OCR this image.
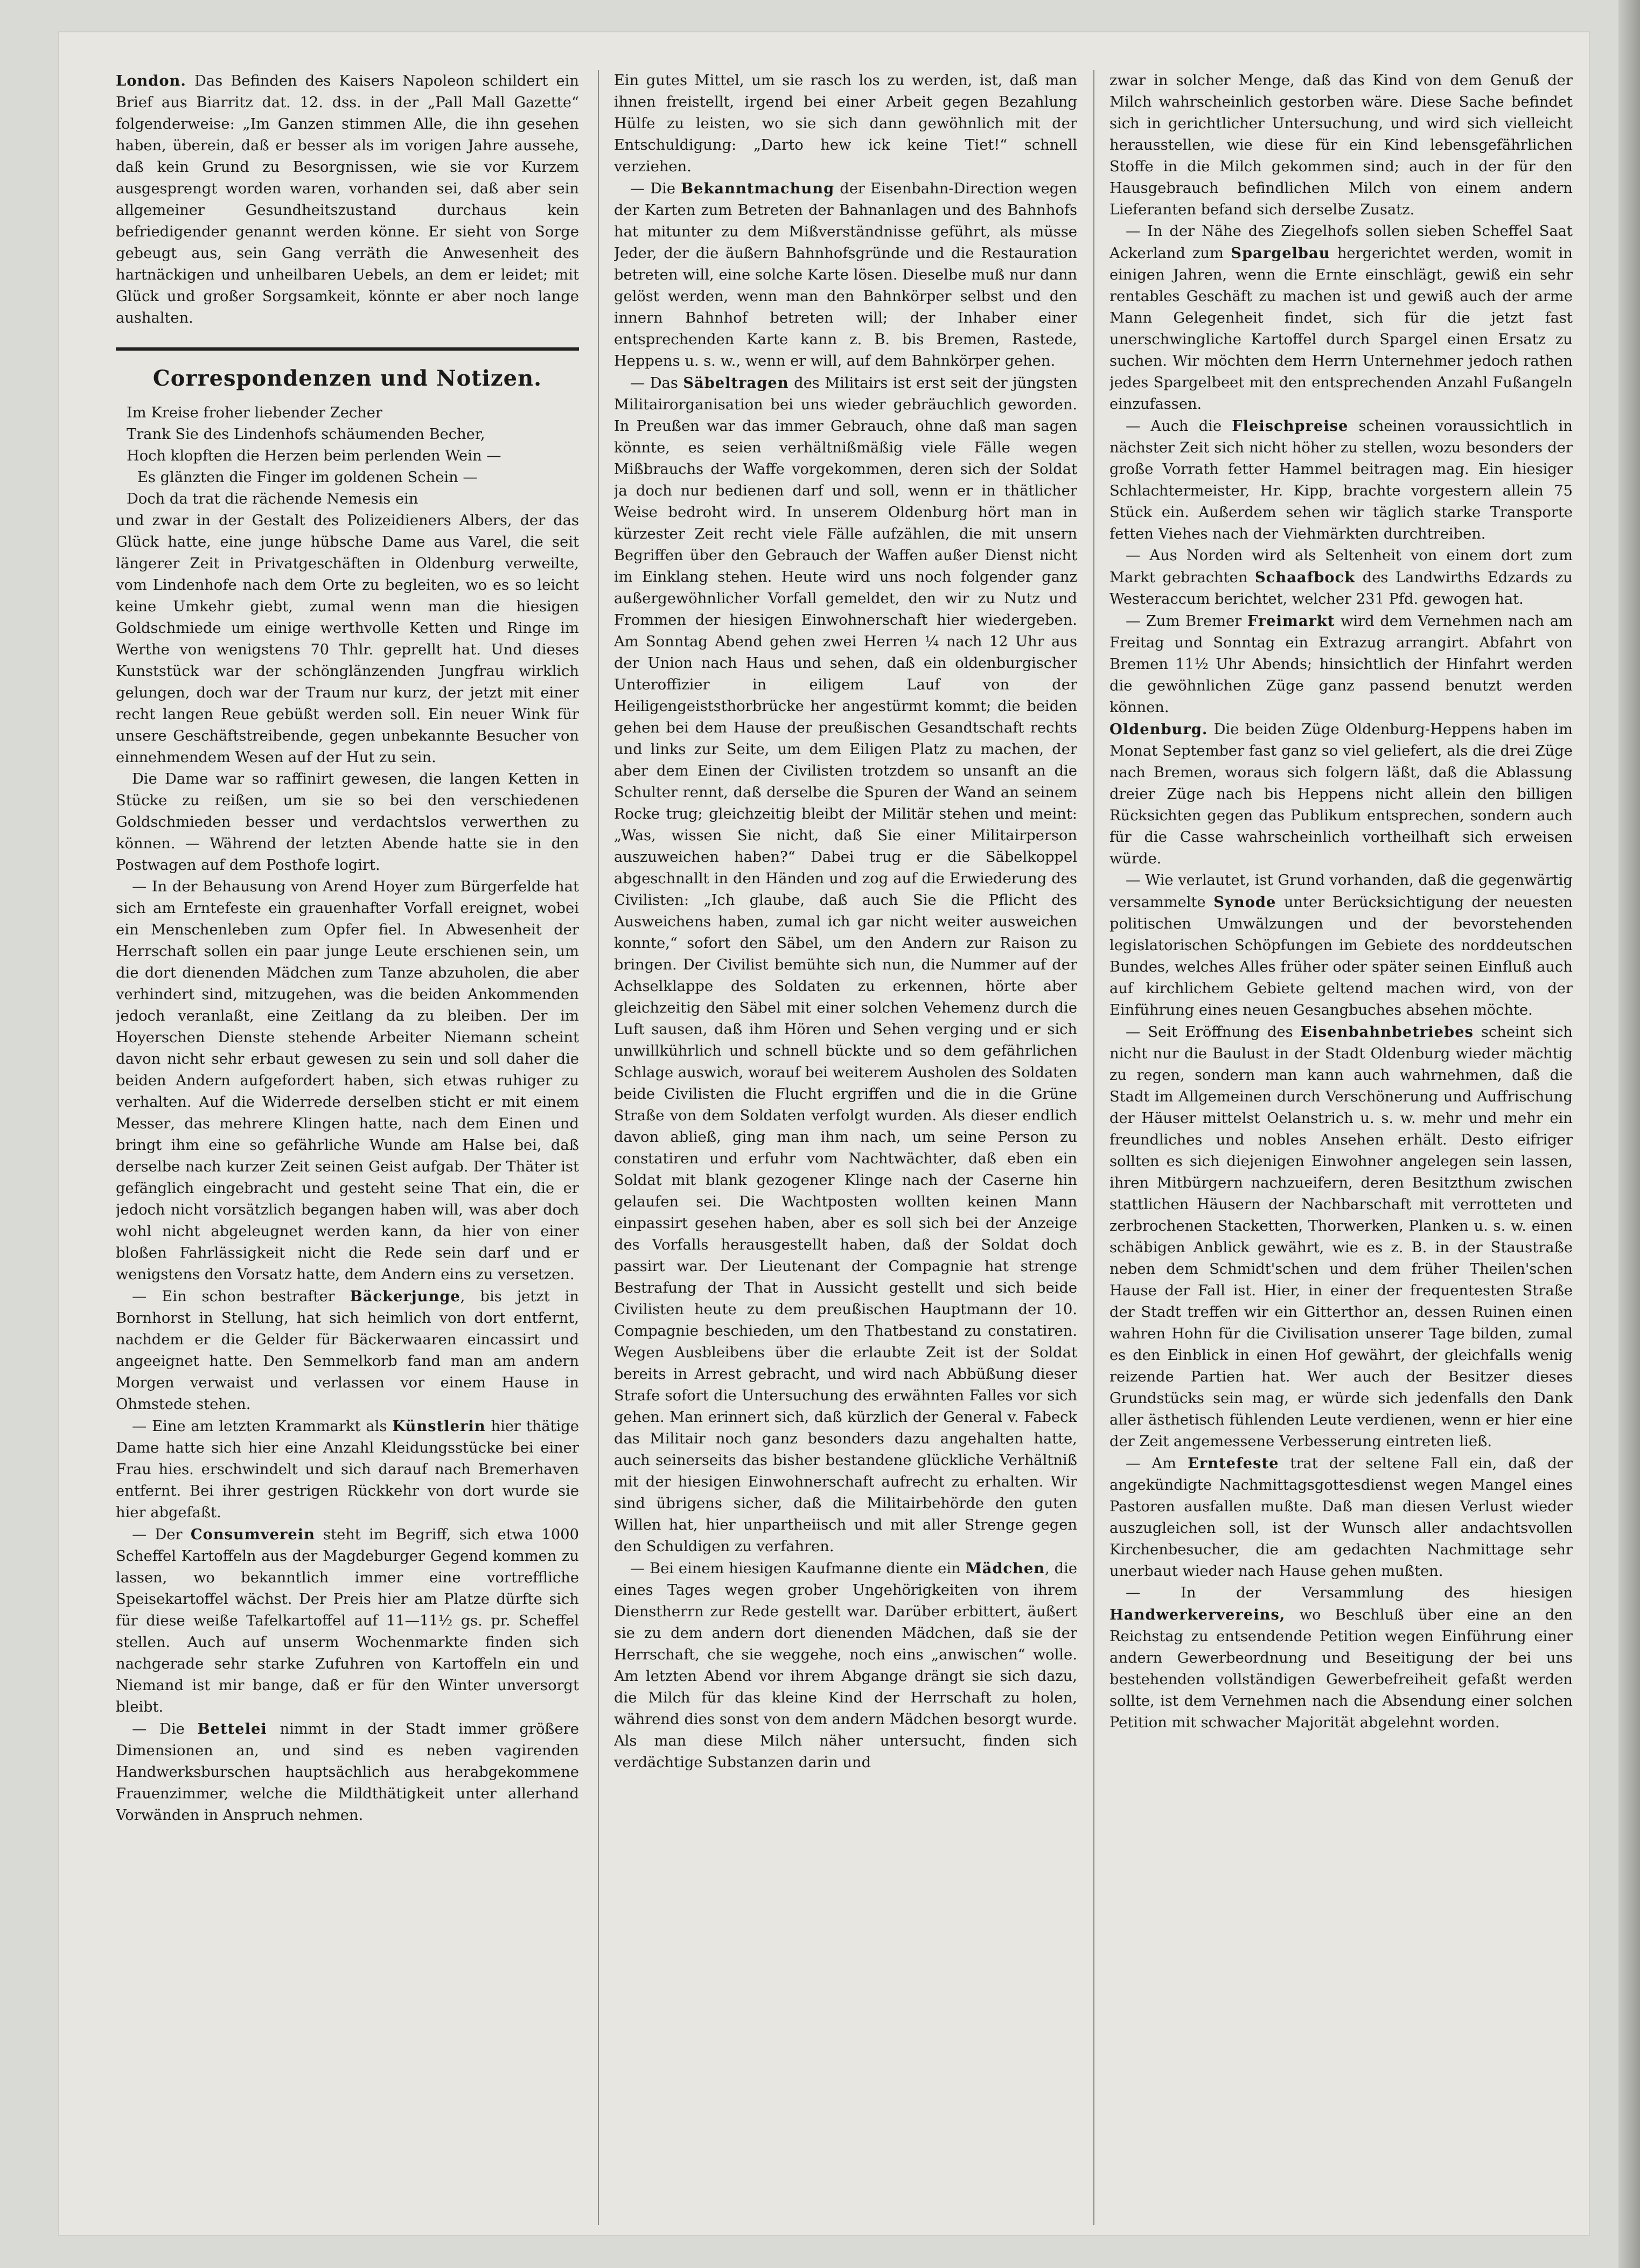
London. Das Befinden des Kaisers Napoleon schildert ein Brief aus Biarritz dat. 12. dss. in der „Pall Mall Gazette“ folgenderweise: „Im Ganzen stimmen Alle, die ihn gesehen haben, überein, daß er besser als im vorigen Jahre aussehe, daß kein Grund zu Besorgnissen, wie sie vor Kurzem ausgesprengt worden waren, vorhanden sei, daß aber sein allgemeiner Gesundheitszustand durchaus kein befriedigender genannt werden könne. Er sieht von Sorge gebeugt aus, sein Gang verräth die Anwesenheit des hartnäckigen und unheilbaren Uebels, an dem er leidet; mit Glück und großer Sorgsamkeit, könnte er aber noch lange aushalten.

Correspondenzen und Notizen.
Im Kreise froher liebender Zecher
Trank Sie des Lindenhofs schäumenden Becher,
Hoch klopften die Herzen beim perlenden Wein —
Es glänzten die Finger im goldenen Schein —
Doch da trat die rächende Nemesis ein

und zwar in der Gestalt des Polizeidieners Albers, der das Glück hatte, eine junge hübsche Dame aus Varel, die seit längerer Zeit in Privatgeschäften in Oldenburg verweilte, vom Lindenhofe nach dem Orte zu begleiten, wo es so leicht keine Umkehr giebt, zumal wenn man die hiesigen Goldschmiede um einige werthvolle Ketten und Ringe im Werthe von wenigstens 70 Thlr. geprellt hat. Und dieses Kunststück war der schönglänzenden Jungfrau wirklich gelungen, doch war der Traum nur kurz, der jetzt mit einer recht langen Reue gebüßt werden soll. Ein neuer Wink für unsere Geschäftstreibende, gegen unbekannte Besucher von einnehmendem Wesen auf der Hut zu sein.

Die Dame war so raffinirt gewesen, die langen Ketten in Stücke zu reißen, um sie so bei den verschiedenen Goldschmieden besser und verdachtslos verwerthen zu können. — Während der letzten Abende hatte sie in den Postwagen auf dem Posthofe logirt.

— In der Behausung von Arend Hoyer zum Bürgerfelde hat sich am Erntefeste ein grauenhafter Vorfall ereignet, wobei ein Menschenleben zum Opfer fiel. In Abwesenheit der Herrschaft sollen ein paar junge Leute erschienen sein, um die dort dienenden Mädchen zum Tanze abzuholen, die aber verhindert sind, mitzugehen, was die beiden Ankommenden jedoch veranlaßt, eine Zeitlang da zu bleiben. Der im Hoyerschen Dienste stehende Arbeiter Niemann scheint davon nicht sehr erbaut gewesen zu sein und soll daher die beiden Andern aufgefordert haben, sich etwas ruhiger zu verhalten. Auf die Widerrede derselben sticht er mit einem Messer‚ das mehrere Klingen hatte, nach dem Einen und bringt ihm eine so gefährliche Wunde am Halse bei, daß derselbe nach kurzer Zeit seinen Geist aufgab. Der Thäter ist gefänglich eingebracht und gesteht seine That ein, die er jedoch nicht vorsätzlich begangen haben will, was aber doch wohl nicht abgeleugnet werden kann, da hier von einer bloßen Fahrlässigkeit nicht die Rede sein darf und er wenigstens den Vorsatz hatte, dem Andern eins zu versetzen.

— Ein schon bestrafter Bäckerjunge, bis jetzt in Bornhorst in Stellung, hat sich heimlich von dort entfernt, nachdem er die Gelder für Bäckerwaaren eincassirt und angeeignet hatte. Den Semmelkorb fand man am andern Morgen verwaist und verlassen vor einem Hause in Ohmstede stehen.

— Eine am letzten Krammarkt als Künstlerin hier thätige Dame hatte sich hier eine Anzahl Kleidungsstücke bei einer Frau hies. erschwindelt und sich darauf nach Bremerhaven entfernt. Bei ihrer gestrigen Rückkehr von dort wurde sie hier abgefaßt.

— Der Consumverein steht im Begriff, sich etwa 1000 Scheffel Kartoffeln aus der Magdeburger Gegend kommen zu lassen, wo bekanntlich immer eine vortreffliche Speisekartoffel wächst. Der Preis hier am Platze dürfte sich für diese weiße Tafelkartoffel auf 11—11½ gs. pr. Scheffel stellen. Auch auf unserm Wochenmarkte finden sich nachgerade sehr starke Zufuhren von Kartoffeln ein und Niemand ist mir bange, daß er für den Winter unversorgt bleibt.

— Die Bettelei nimmt in der Stadt immer größere Dimensionen an, und sind es neben vagirenden Handwerksburschen hauptsächlich aus herabgekommene Frauenzimmer, welche die Mildthätigkeit unter allerhand Vorwänden in Anspruch nehmen.

Ein gutes Mittel, um sie rasch los zu werden, ist, daß man ihnen freistellt, irgend bei einer Arbeit gegen Bezahlung Hülfe zu leisten, wo sie sich dann gewöhnlich mit der Entschuldigung: „Darto hew ick keine Tiet!“ schnell verziehen.

— Die Bekanntmachung der Eisenbahn-Direction wegen der Karten zum Betreten der Bahnanlagen und des Bahnhofs hat mitunter zu dem Mißverständnisse geführt, als müsse Jeder, der die äußern Bahnhofsgründe und die Restauration betreten will, eine solche Karte lösen. Dieselbe muß nur dann gelöst werden, wenn man den Bahnkörper selbst und den innern Bahnhof betreten will; der Inhaber einer entsprechenden Karte kann z. B. bis Bremen, Rastede, Heppens u. s. w., wenn er will, auf dem Bahnkörper gehen.

— Das Säbeltragen des Militairs ist erst seit der jüngsten Militairorganisation bei uns wieder gebräuchlich geworden. In Preußen war das immer Gebrauch, ohne daß man sagen könnte, es seien verhältnißmäßig viele Fälle wegen Mißbrauchs der Waffe vorgekommen, deren sich der Soldat ja doch nur bedienen darf und soll, wenn er in thätlicher Weise bedroht wird. In unserem Oldenburg hört man in kürzester Zeit recht viele Fälle aufzählen, die mit unsern Begriffen über den Gebrauch der Waffen außer Dienst nicht im Einklang stehen. Heute wird uns noch folgender ganz außergewöhnlicher Vorfall gemeldet, den wir zu Nutz und Frommen der hiesigen Einwohnerschaft hier wiedergeben. Am Sonntag Abend gehen zwei Herren ¼ nach 12 Uhr aus der Union nach Haus und sehen, daß ein oldenburgischer Unteroffizier in eiligem Lauf von der Heiligengeiststhorbrücke her angestürmt kommt; die beiden gehen bei dem Hause der preußischen Gesandtschaft rechts und links zur Seite, um dem Eiligen Platz zu machen, der aber dem Einen der Civilisten trotzdem so unsanft an die Schulter rennt, daß derselbe die Spuren der Wand an seinem Rocke trug; gleichzeitig bleibt der Militär stehen und meint: „Was, wissen Sie nicht, daß Sie einer Militairperson auszuweichen haben?“ Dabei trug er die Säbelkoppel abgeschnallt in den Händen und zog auf die Erwiederung des Civilisten: „Ich glaube, daß auch Sie die Pflicht des Ausweichens haben, zumal ich gar nicht weiter ausweichen konnte,“ sofort den Säbel, um den Andern zur Raison zu bringen. Der Civilist bemühte sich nun, die Nummer auf der Achselklappe des Soldaten zu erkennen, hörte aber gleichzeitig den Säbel mit einer solchen Vehemenz durch die Luft sausen, daß ihm Hören und Sehen verging und er sich unwillkührlich und schnell bückte und so dem gefährlichen Schlage auswich, worauf bei weiterem Ausholen des Soldaten beide Civilisten die Flucht ergriffen und die in die Grüne Straße von dem Soldaten verfolgt wurden. Als dieser endlich davon abließ, ging man ihm nach, um seine Person zu constatiren und erfuhr vom Nachtwächter, daß eben ein Soldat mit blank gezogener Klinge nach der Caserne hin gelaufen sei. Die Wachtposten wollten keinen Mann einpassirt gesehen haben, aber es soll sich bei der Anzeige des Vorfalls herausgestellt haben, daß der Soldat doch passirt war. Der Lieutenant der Compagnie hat strenge Bestrafung der That in Aussicht gestellt und sich beide Civilisten heute zu dem preußischen Hauptmann der 10. Compagnie beschieden, um den Thatbestand zu constatiren. Wegen Ausbleibens über die erlaubte Zeit ist der Soldat bereits in Arrest gebracht, und wird nach Abbüßung dieser Strafe sofort die Untersuchung des erwähnten Falles vor sich gehen. Man erinnert sich, daß kürzlich der General v. Fabeck das Militair noch ganz besonders dazu angehalten hatte, auch seinerseits das bisher bestandene glückliche Verhältniß mit der hiesigen Einwohnerschaft aufrecht zu erhalten. Wir sind übrigens sicher, daß die Militairbehörde den guten Willen hat, hier unpartheiisch und mit aller Strenge gegen den Schuldigen zu verfahren.

— Bei einem hiesigen Kaufmanne diente ein Mädchen, die eines Tages wegen grober Ungehörigkeiten von ihrem Dienstherrn zur Rede gestellt war. Darüber erbittert, äußert sie zu dem andern dort dienenden Mädchen, daß sie der Herrschaft, che sie weggehe, noch eins „anwischen“ wolle. Am letzten Abend vor ihrem Abgange drängt sie sich dazu, die Milch für das kleine Kind der Herrschaft zu holen, während dies sonst von dem andern Mädchen besorgt wurde. Als man diese Milch näher untersucht, finden sich verdächtige Substanzen darin und

zwar in solcher Menge, daß das Kind von dem Genuß der Milch wahrscheinlich gestorben wäre. Diese Sache befindet sich in gerichtlicher Untersuchung, und wird sich vielleicht herausstellen, wie diese für ein Kind lebensgefährlichen Stoffe in die Milch gekommen sind; auch in der für den Hausgebrauch befindlichen Milch von einem andern Lieferanten befand sich derselbe Zusatz.

— In der Nähe des Ziegelhofs sollen sieben Scheffel Saat Ackerland zum Spargelbau hergerichtet werden, womit in einigen Jahren, wenn die Ernte einschlägt, gewiß ein sehr rentables Geschäft zu machen ist und gewiß auch der arme Mann Gelegenheit findet, sich für die jetzt fast unerschwingliche Kartoffel durch Spargel einen Ersatz zu suchen. Wir möchten dem Herrn Unternehmer jedoch rathen jedes Spargelbeet mit den entsprechenden Anzahl Fußangeln einzufassen.

— Auch die Fleischpreise scheinen voraussichtlich in nächster Zeit sich nicht höher zu stellen, wozu besonders der große Vorrath fetter Hammel beitragen mag. Ein hiesiger Schlachtermeister, Hr. Kipp, brachte vorgestern allein 75 Stück ein. Außerdem sehen wir täglich starke Transporte fetten Viehes nach der Viehmärkten durchtreiben.

— Aus Norden wird als Seltenheit von einem dort zum Markt gebrachten Schaafbock des Landwirths Edzards zu Westeraccum berichtet, welcher 231 Pfd. gewogen hat.

— Zum Bremer Freimarkt wird dem Vernehmen nach am Freitag und Sonntag ein Extrazug arrangirt. Abfahrt von Bremen 11½ Uhr Abends; hinsichtlich der Hinfahrt werden die gewöhnlichen Züge ganz passend benutzt werden können.

Oldenburg. Die beiden Züge Oldenburg-Heppens haben im Monat September fast ganz so viel geliefert, als die drei Züge nach Bremen, woraus sich folgern läßt, daß die Ablassung dreier Züge nach bis Heppens nicht allein den billigen Rücksichten gegen das Publikum entsprechen, sondern auch für die Casse wahrscheinlich vortheilhaft sich erweisen würde.

— Wie verlautet, ist Grund vorhanden, daß die gegenwärtig versammelte Synode unter Berücksichtigung der neuesten politischen Umwälzungen und der bevorstehenden legislatorischen Schöpfungen im Gebiete des norddeutschen Bundes, welches Alles früher oder später seinen Einfluß auch auf kirchlichem Gebiete geltend machen wird, von der Einführung eines neuen Gesangbuches absehen möchte.

— Seit Eröffnung des Eisenbahnbetriebes scheint sich nicht nur die Baulust in der Stadt Oldenburg wieder mächtig zu regen, sondern man kann auch wahrnehmen, daß die Stadt im Allgemeinen durch Verschönerung und Auffrischung der Häuser mittelst Oelanstrich u. s. w. mehr und mehr ein freundliches und nobles Ansehen erhält. Desto eifriger sollten es sich diejenigen Einwohner angelegen sein lassen, ihren Mitbürgern nachzueifern, deren Besitzthum zwischen stattlichen Häusern der Nachbarschaft mit verrotteten und zerbrochenen Stacketten, Thorwerken, Planken u. s. w. einen schäbigen Anblick gewährt, wie es z. B. in der Staustraße neben dem Schmidt'schen und dem früher Theilen'schen Hause der Fall ist. Hier, in einer der frequentesten Straße der Stadt treffen wir ein Gitterthor an, dessen Ruinen einen wahren Hohn für die Civilisation unserer Tage bilden, zumal es den Einblick in einen Hof gewährt, der gleichfalls wenig reizende Partien hat. Wer auch der Besitzer dieses Grundstücks sein mag, er würde sich jedenfalls den Dank aller ästhetisch fühlenden Leute verdienen, wenn er hier eine der Zeit angemessene Verbesserung eintreten ließ.

— Am Erntefeste trat der seltene Fall ein, daß der angekündigte Nachmittagsgottesdienst wegen Mangel eines Pastoren ausfallen mußte. Daß man diesen Verlust wieder auszugleichen soll, ist der Wunsch aller andachtsvollen Kirchenbesucher, die am gedachten Nachmittage sehr unerbaut wieder nach Hause gehen mußten.

— In der Versammlung des hiesigen Handwerkervereins, wo Beschluß über eine an den Reichstag zu entsendende Petition wegen Einführung einer andern Gewerbeordnung und Beseitigung der bei uns bestehenden vollständigen Gewerbefreiheit gefaßt werden sollte, ist dem Vernehmen nach die Absendung einer solchen Petition mit schwacher Majorität abgelehnt worden.
